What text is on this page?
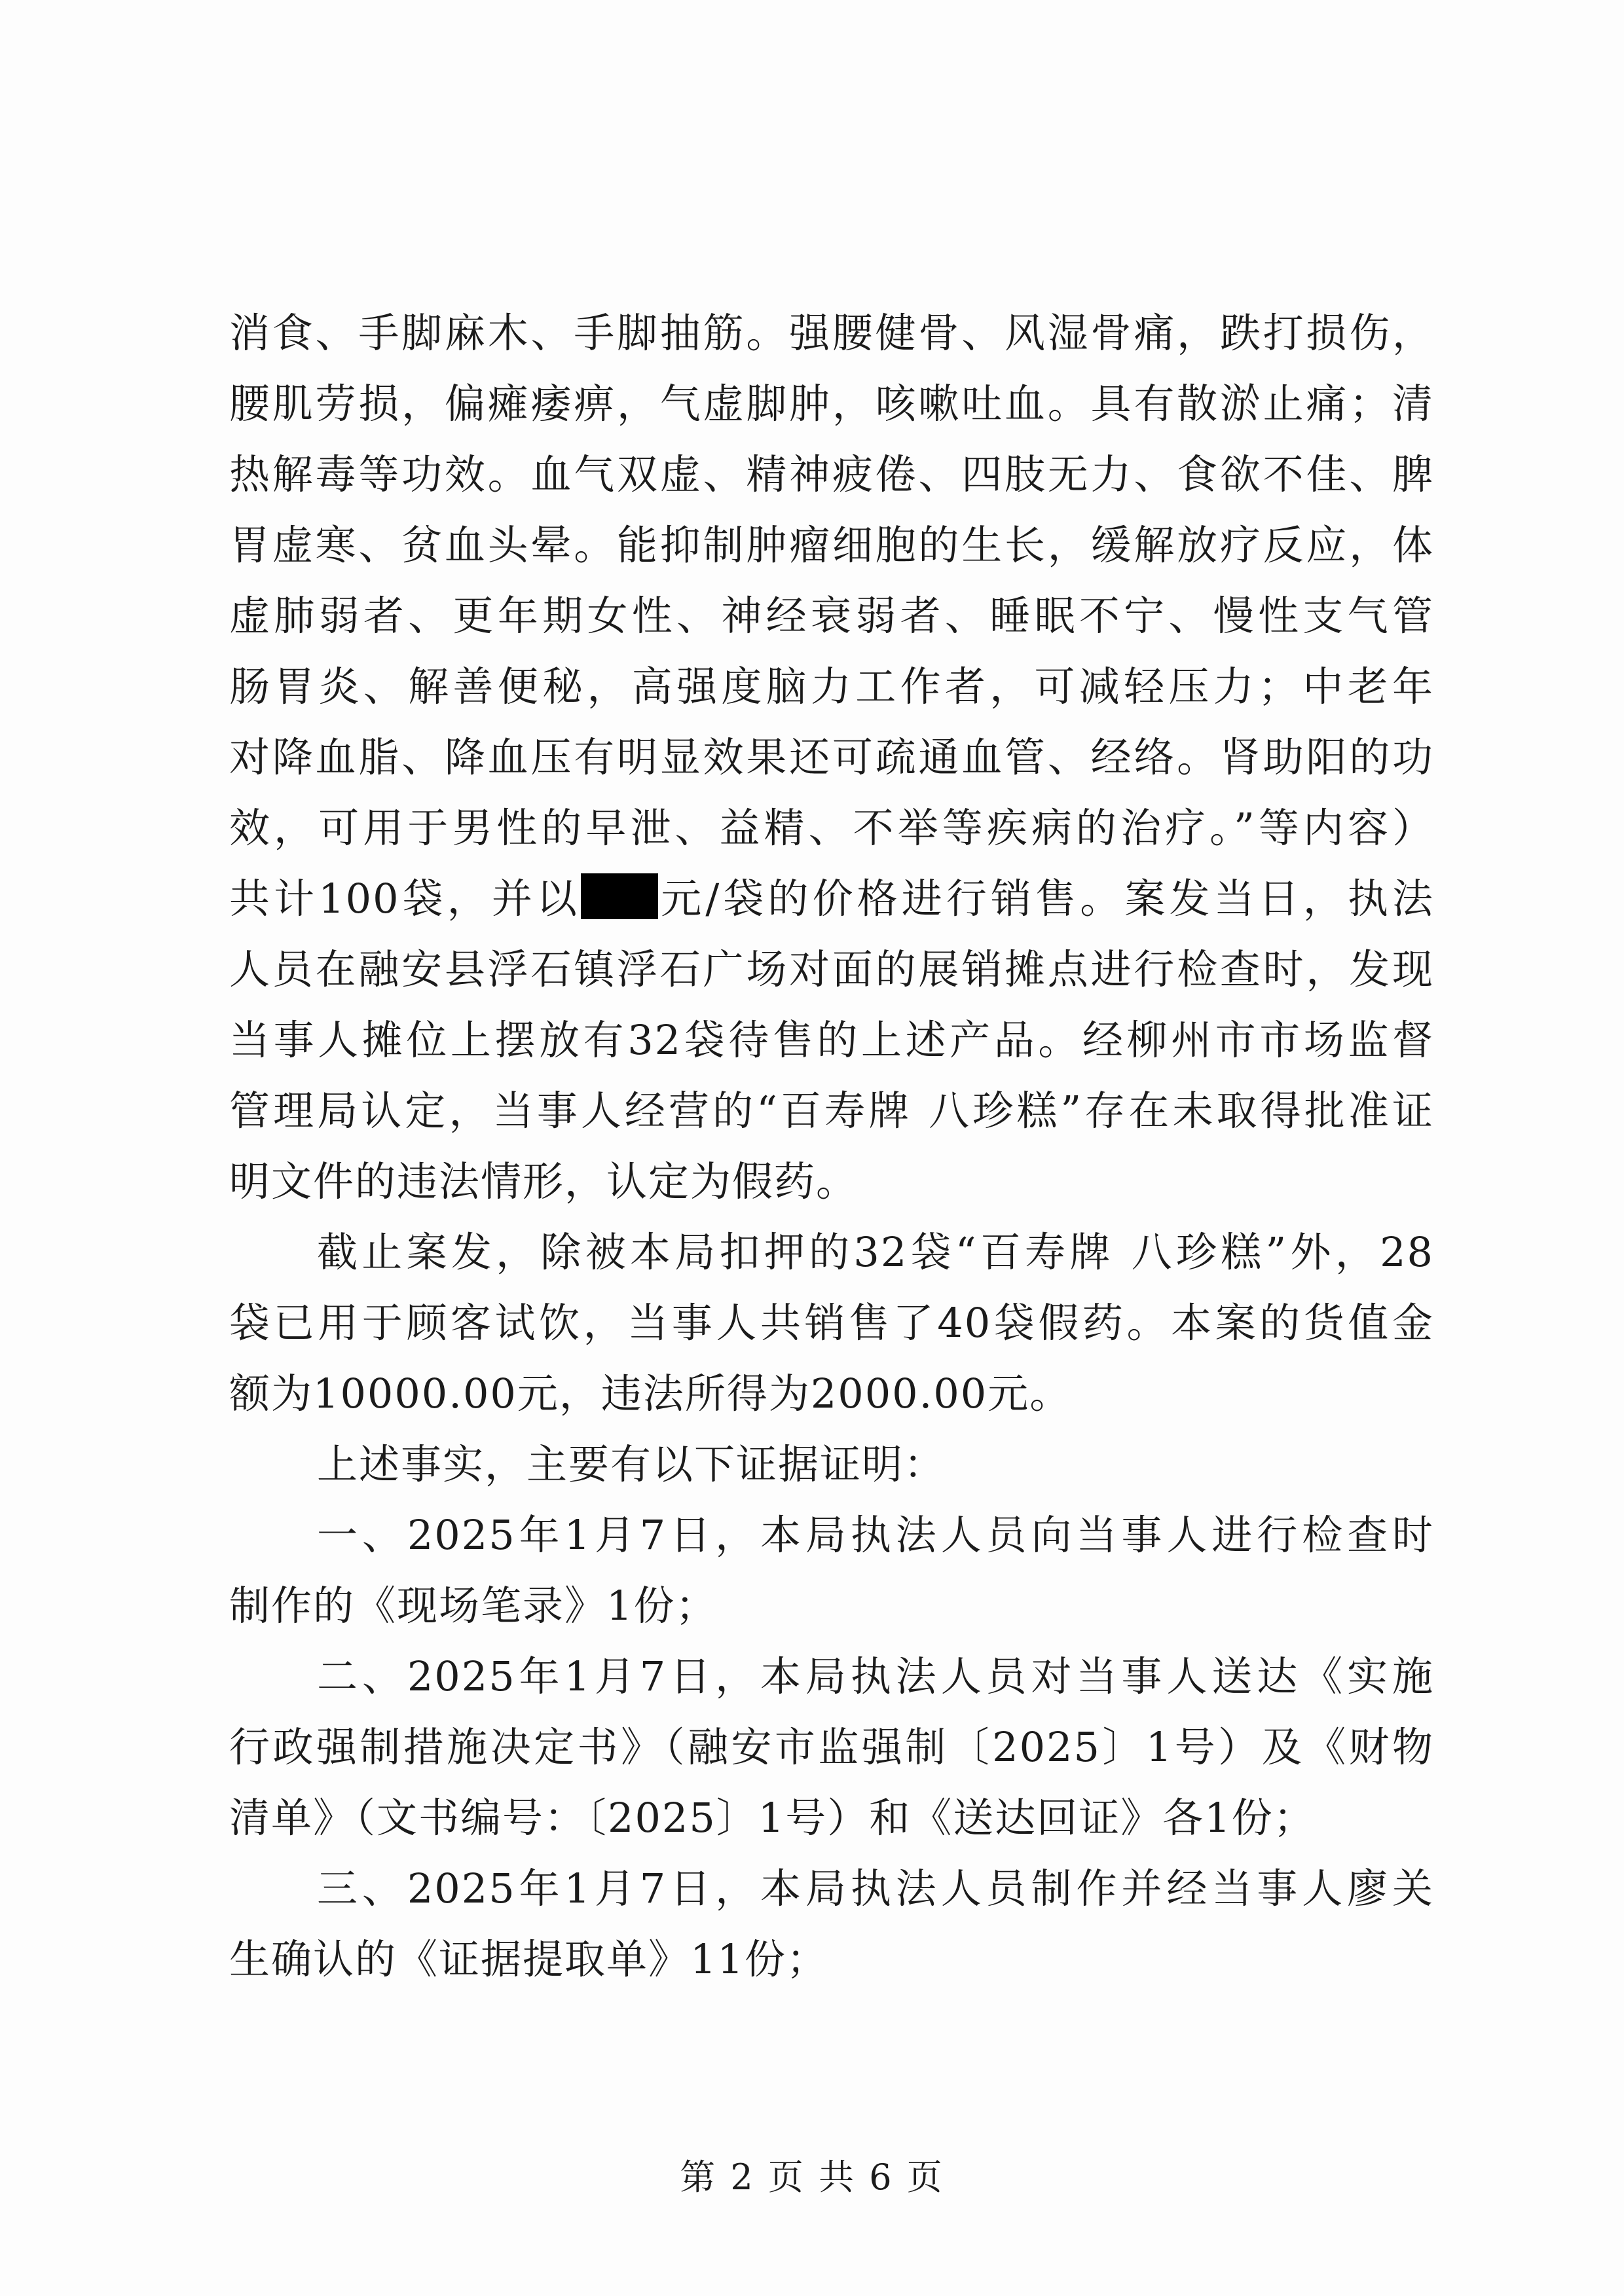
消食、手脚麻木、手脚抽筋。强腰健骨、风湿骨痛，跌打损伤，
腰肌劳损，偏瘫痿痹，气虚脚肿，咳嗽吐血。具有散淤止痛；清
热解毒等功效。血气双虚、精神疲倦、四肢无力、食欲不佳、脾
胃虚寒、贫血头晕。能抑制肿瘤细胞的生长，缓解放疗反应，体
虚肺弱者、更年期女性、神经衰弱者、睡眠不宁、慢性支气管
肠胃炎、解善便秘，高强度脑力工作者，可减轻压力；中老年
对降血脂、降血压有明显效果还可疏通血管、经络。肾助阳的功
效，可用于男性的早泄、益精、不举等疾病的治疗。”等内容）
共计100袋，并以 元/袋的价格进行销售。案发当日，执法
人员在融安县浮石镇浮石广场对面的展销摊点进行检查时，发现
当事人摊位上摆放有32袋待售的上述产品。经柳州市市场监督
管理局认定，当事人经营的“百寿牌 八珍糕”存在未取得批准证
明文件的违法情形，认定为假药。
截止案发，除被本局扣押的32袋“百寿牌 八珍糕”外，28
袋已用于顾客试饮，当事人共销售了40袋假药。本案的货值金
额为10000.00元，违法所得为2000.00元。
上述事实，主要有以下证据证明：
一、2025年1月7日，本局执法人员向当事人进行检查时
制作的《现场笔录》1份；
二、2025年1月7日，本局执法人员对当事人送达《实施
行政强制措施决定书》（融安市监强制〔2025〕1号）及《财物
清单》（文书编号：〔2025〕1号）和《送达回证》各1份；
三、2025年1月7日，本局执法人员制作并经当事人廖关
生确认的《证据提取单》11份；
第 2 页 共 6 页
